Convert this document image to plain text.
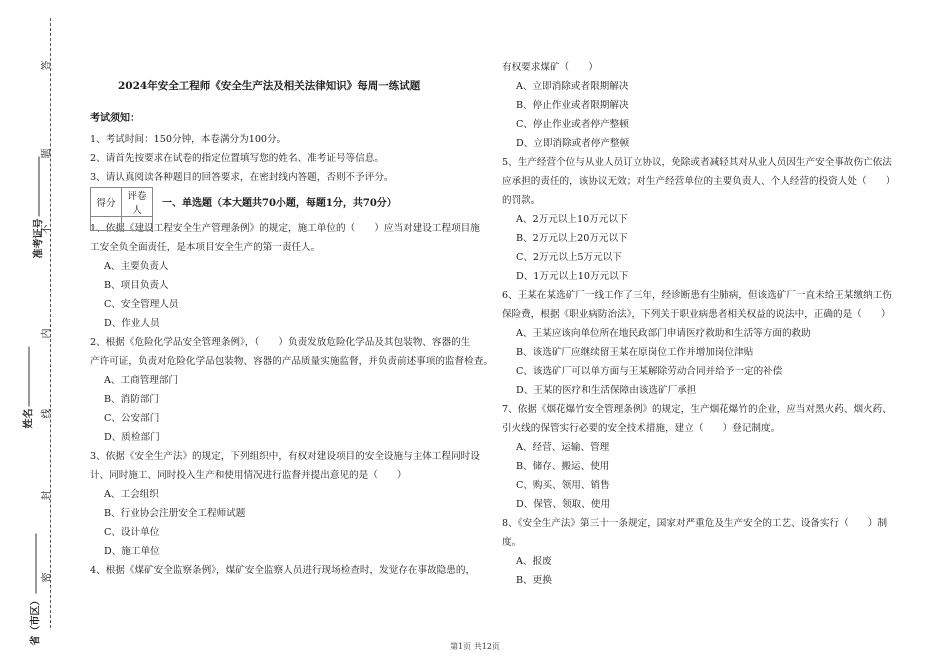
答
题
不
内
线
封
密
准考证号
姓名
省（市区）
2024年安全工程师《安全生产法及相关法律知识》每周一练试题
考试须知：
1、考试时间：150分钟，本卷满分为100分。
2、请首先按要求在试卷的指定位置填写您的姓名、准考证号等信息。
3、请认真阅读各种题目的回答要求，在密封线内答题，否则不予评分。
得分	评卷人

一、单选题（本大题共70小题，每题1分，共70分）
1、依据《建设工程安全生产管理条例》的规定，施工单位的（　　）应当对建设工程项目施
工安全负全面责任，是本项目安全生产的第一责任人。
A、主要负责人
B、项目负责人
C、安全管理人员
D、作业人员
2、根据《危险化学品安全管理条例》，（　　）负责发放危险化学品及其包装物、容器的生
产许可证，负责对危险化学品包装物、容器的产品质量实施监督，并负责前述事项的监督检查。
A、工商管理部门
B、消防部门
C、公安部门
D、质检部门
3、依据《安全生产法》的规定，下列组织中，有权对建设项目的安全设施与主体工程同时设
计、同时施工、同时投入生产和使用情况进行监督并提出意见的是（　　）
A、工会组织
B、行业协会注册安全工程师试题
C、设计单位
D、施工单位
4、根据《煤矿安全监察条例》，煤矿安全监察人员进行现场检查时，发觉存在事故隐患的，
有权要求煤矿（　　）
A、立即消除或者限期解决
B、停止作业或者限期解决
C、停止作业或者停产整顿
D、立即消除或者停产整顿
5、生产经营个位与从业人员订立协议，免除或者减轻其对从业人员因生产安全事故伤亡依法
应承担的责任的，该协议无效；对生产经营单位的主要负责人、个人经营的投资人处（　　）
的罚款。
A、2万元以上10万元以下
B、2万元以上20万元以下
C、2万元以上5万元以下
D、1万元以上10万元以下
6、王某在某选矿厂一线工作了三年，经诊断患有尘肺病，但该选矿厂一直未给王某缴纳工伤
保险费，根据《职业病防治法》，下列关于职业病患者相关权益的说法中，正确的是（　　）
A、王某应该向单位所在地民政部门申请医疗救助和生活等方面的救助
B、该选矿厂应继续留王某在原岗位工作并增加岗位津贴
C、该选矿厂可以单方面与王某解除劳动合同并给予一定的补偿
D、王某的医疗和生活保障由该选矿厂承担
7、依据《烟花爆竹安全管理条例》的规定，生产烟花爆竹的企业，应当对黑火药、烟火药、
引火线的保管实行必要的安全技术措施，建立（　　）登记制度。
A、经营、运输、管理
B、储存、搬运、使用
C、购买、领用、销售
D、保管、领取、使用
8、《安全生产法》第三十一条规定，国家对严重危及生产安全的工艺、设备实行（　　）制
度。
A、报废
B、更换
第1页 共12页
